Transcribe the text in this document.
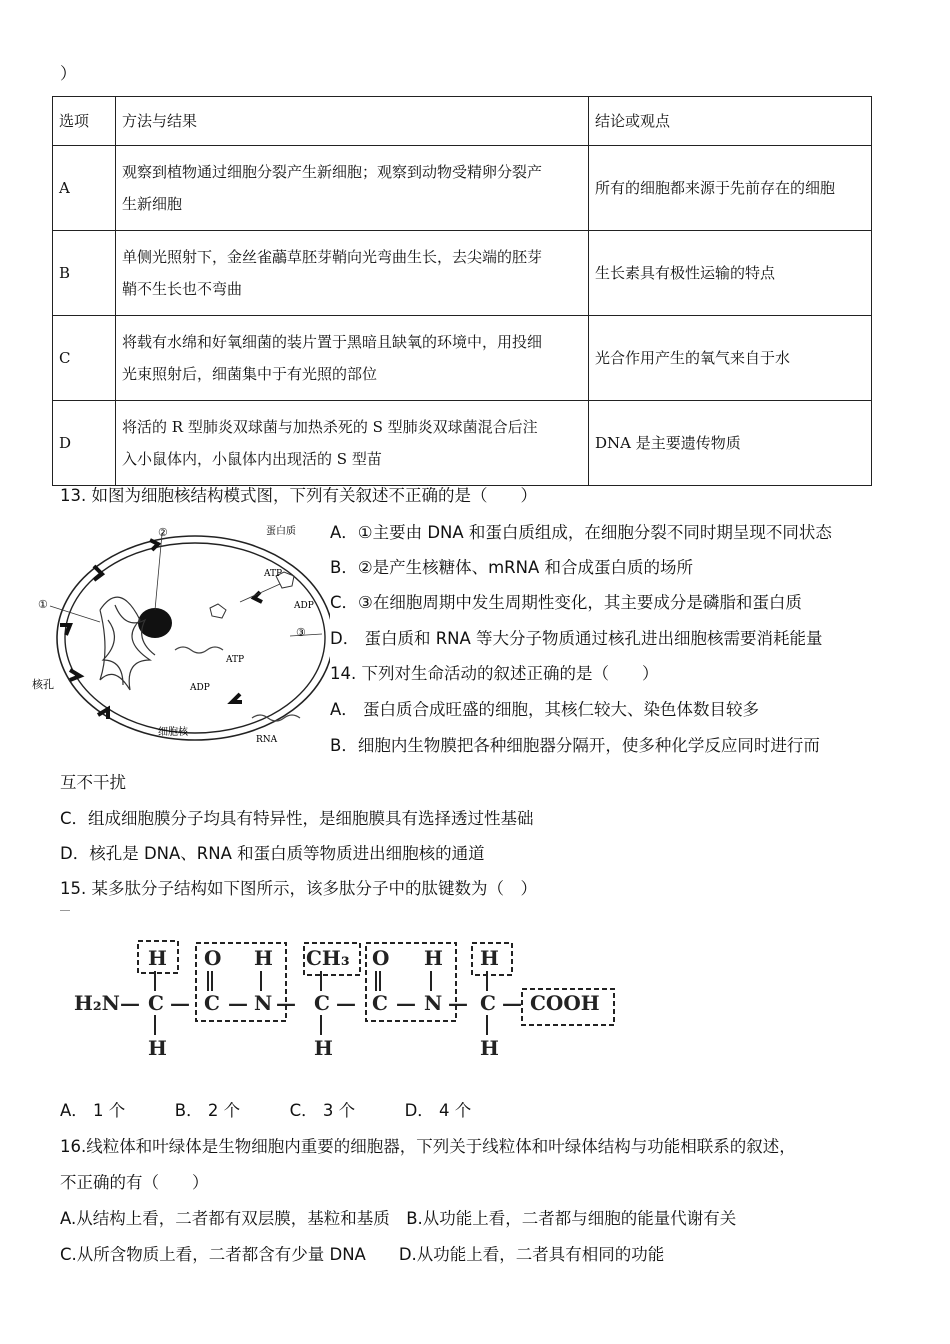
）
选项	方法与结果	结论或观点
A	观察到植物通过细胞分裂产生新细胞；观察到动物受精卵分裂产
生新细胞	所有的细胞都来源于先前存在的细胞
B	单侧光照射下，金丝雀虉草胚芽鞘向光弯曲生长，去尖端的胚芽
鞘不生长也不弯曲	生长素具有极性运输的特点
C	将载有水绵和好氧细菌的装片置于黑暗且缺氧的环境中，用投细
光束照射后，细菌集中于有光照的部位	光合作用产生的氧气来自于水
D	将活的 R 型肺炎双球菌与加热杀死的 S 型肺炎双球菌混合后注
入小鼠体内，小鼠体内出现活的 S 型苗	DNA 是主要遗传物质
13. 如图为细胞核结构模式图，下列有关叙述不正确的是（　　）
②
①
③
蛋白质
ATP
ADP
ATP
ADP
核孔
细胞核
RNA
A．①主要由 DNA 和蛋白质组成，在细胞分裂不同时期呈现不同状态
B．②是产生核糖体、mRNA 和合成蛋白质的场所
C．③在细胞周期中发生周期性变化，其主要成分是磷脂和蛋白质
D． 蛋白质和 RNA 等大分子物质通过核孔进出细胞核需要消耗能量
14. 下列对生命活动的叙述正确的是（　　）
A． 蛋白质合成旺盛的细胞，其核仁较大、染色体数目较多
B．细胞内生物膜把各种细胞器分隔开，使多种化学反应同时进行而
互不干扰
C．组成细胞膜分子均具有特异性，是细胞膜具有选择透过性基础
D．核孔是 DNA、RNA 和蛋白质等物质进出细胞核的通道
15. 某多肽分子结构如下图所示，该多肽分子中的肽键数为（　）
H₂N — C
H
H
— C
O
— N
H
— C
CH₃
H
— C
O
— N
H
— C
H
H
— COOH
A． 1 个　　　B． 2 个　　　C． 3 个　　　D． 4 个
16.线粒体和叶绿体是生物细胞内重要的细胞器，下列关于线粒体和叶绿体结构与功能相联系的叙述，
不正确的有（　　）
A.从结构上看，二者都有双层膜，基粒和基质　B.从功能上看，二者都与细胞的能量代谢有关
C.从所含物质上看，二者都含有少量 DNA　　D.从功能上看，二者具有相同的功能
